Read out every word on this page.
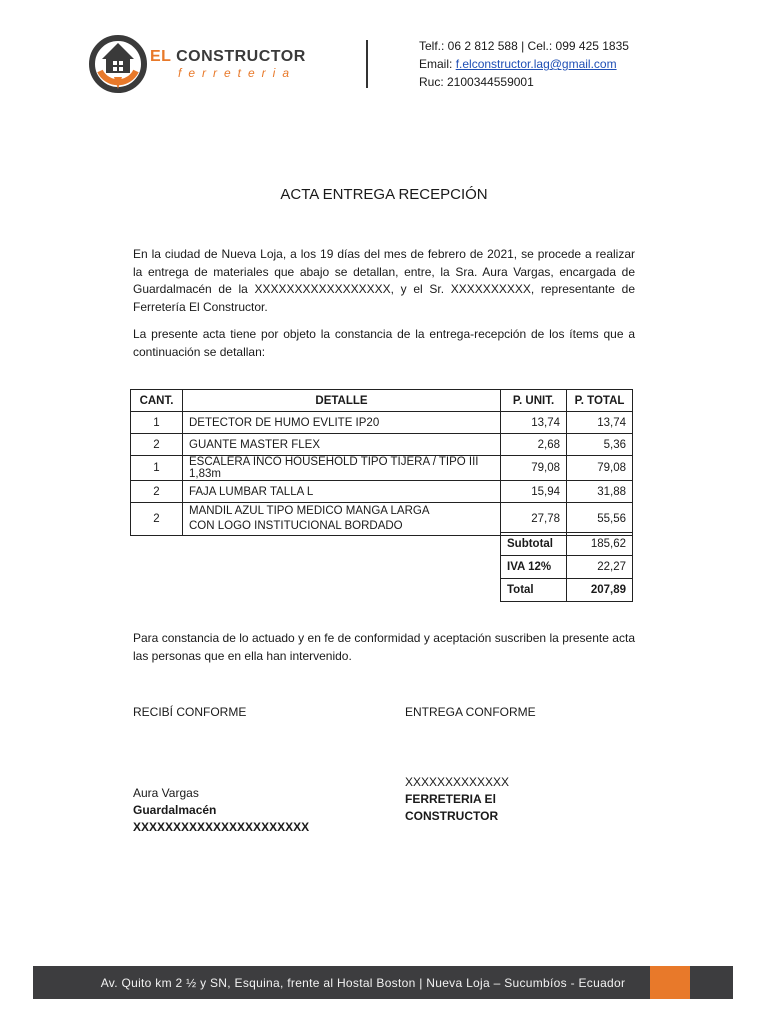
EL CONSTRUCTOR
ferreteria
Telf.: 06 2 812 588 | Cel.: 099 425 1835
Email: f.elconstructor.lag@gmail.com
Ruc: 2100344559001
ACTA ENTREGA RECEPCIÓN
En la ciudad de Nueva Loja, a los 19 días del mes de febrero de 2021, se procede a realizar la entrega de materiales que abajo se detallan, entre, la Sra. Aura Vargas, encargada de Guardalmacén de la XXXXXXXXXXXXXXXXX, y el Sr. XXXXXXXXXX, representante de Ferretería El Constructor.
La presente acta tiene por objeto la constancia de la entrega-recepción de los ítems que a continuación se detallan:
CANT.	DETALLE	P. UNIT.	P. TOTAL
1	DETECTOR DE HUMO EVLITE IP20	13,74	13,74
2	GUANTE MASTER FLEX	2,68	5,36
1	ESCALERA INCO HOUSEHOLD TIPO TIJERA / TIPO III 1,83m	79,08	79,08
2	FAJA LUMBAR TALLA L	15,94	31,88
2	MANDIL AZUL TIPO MEDICO MANGA LARGA
CON LOGO INSTITUCIONAL BORDADO	27,78	55,56
Subtotal	185,62
IVA 12%	22,27
Total	207,89
Para constancia de lo actuado y en fe de conformidad y aceptación suscriben la presente acta las personas que en ella han intervenido.
RECIBÍ CONFORME	ENTREGA CONFORME
Aura Vargas
Guardalmacén
XXXXXXXXXXXXXXXXXXXXXX
XXXXXXXXXXXXX
FERRETERIA El
CONSTRUCTOR
Av. Quito km 2 ½ y SN, Esquina, frente al Hostal Boston | Nueva Loja – Sucumbíos - Ecuador
